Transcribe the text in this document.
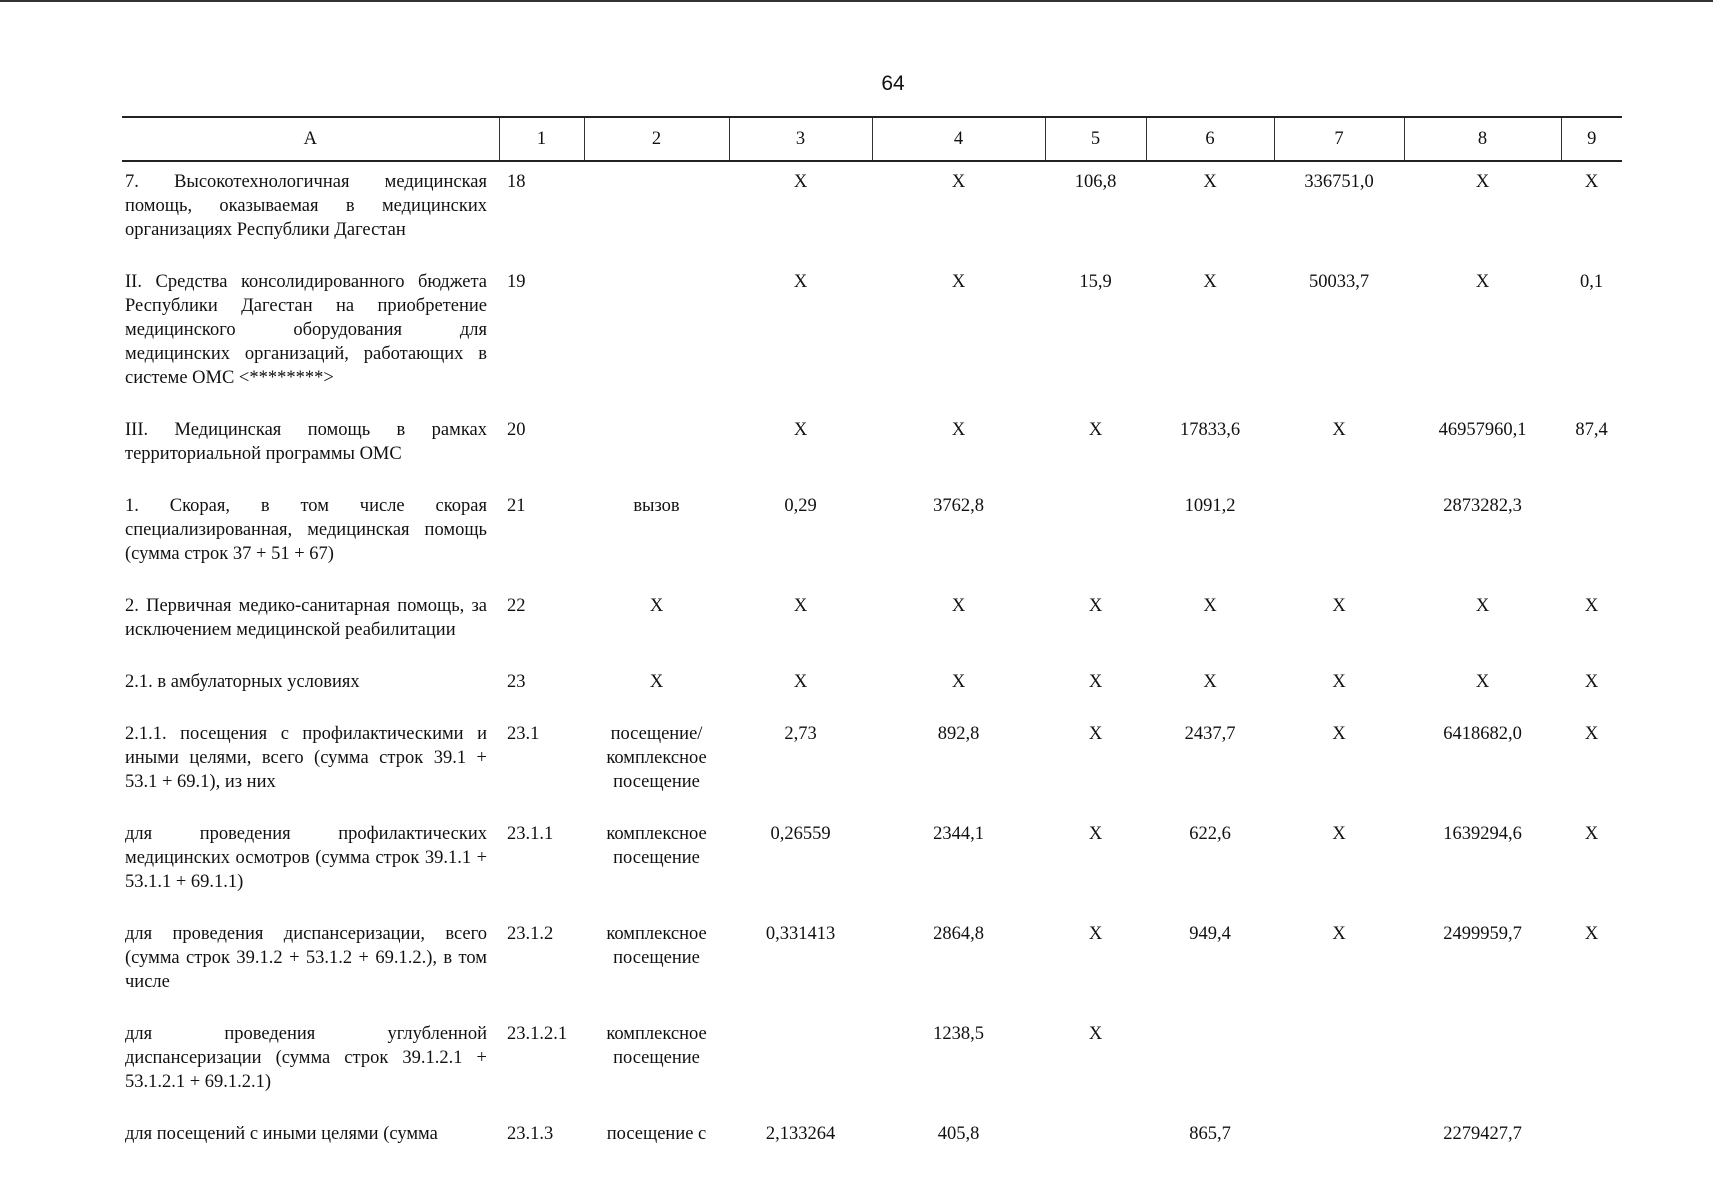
64
А	1	2	3	4	5	6	7	8	9
7. Высокотехнологичная медицинская помощь, оказываемая в медицинских организациях Республики Дагестан	18		Х	Х	106,8	Х	336751,0	Х	Х
II. Средства консолидированного бюджета Республики Дагестан на приобретение медицинского оборудования для медицинских организаций, работающих в системе ОМС <********>	19		Х	Х	15,9	Х	50033,7	Х	0,1
III. Медицинская помощь в рамках территориальной программы ОМС	20		Х	Х	Х	17833,6	Х	46957960,1	87,4
1. Скорая, в том числе скорая специализированная, медицинская помощь (сумма строк 37 + 51 + 67)	21	вызов	0,29	3762,8		1091,2		2873282,3	
2. Первичная медико-санитарная помощь, за исключением медицинской реабилитации	22	Х	Х	Х	Х	Х	Х	Х	Х
2.1. в амбулаторных условиях	23	Х	Х	Х	Х	Х	Х	Х	Х
2.1.1. посещения с профилактическими и иными целями, всего (сумма строк 39.1 + 53.1 + 69.1), из них	23.1	посещение/ комплексное посещение	2,73	892,8	Х	2437,7	Х	6418682,0	Х
для проведения профилактических медицинских осмотров (сумма строк 39.1.1 + 53.1.1 + 69.1.1)	23.1.1	комплексное посещение	0,26559	2344,1	Х	622,6	Х	1639294,6	Х
для проведения диспансеризации, всего (сумма строк 39.1.2 + 53.1.2 + 69.1.2.), в том числе	23.1.2	комплексное посещение	0,331413	2864,8	Х	949,4	Х	2499959,7	Х
для проведения углубленной диспансеризации (сумма строк 39.1.2.1 + 53.1.2.1 + 69.1.2.1)	23.1.2.1	комплексное посещение		1238,5	Х				
для посещений с иными целями (сумма	23.1.3	посещение с	2,133264	405,8		865,7		2279427,7	
